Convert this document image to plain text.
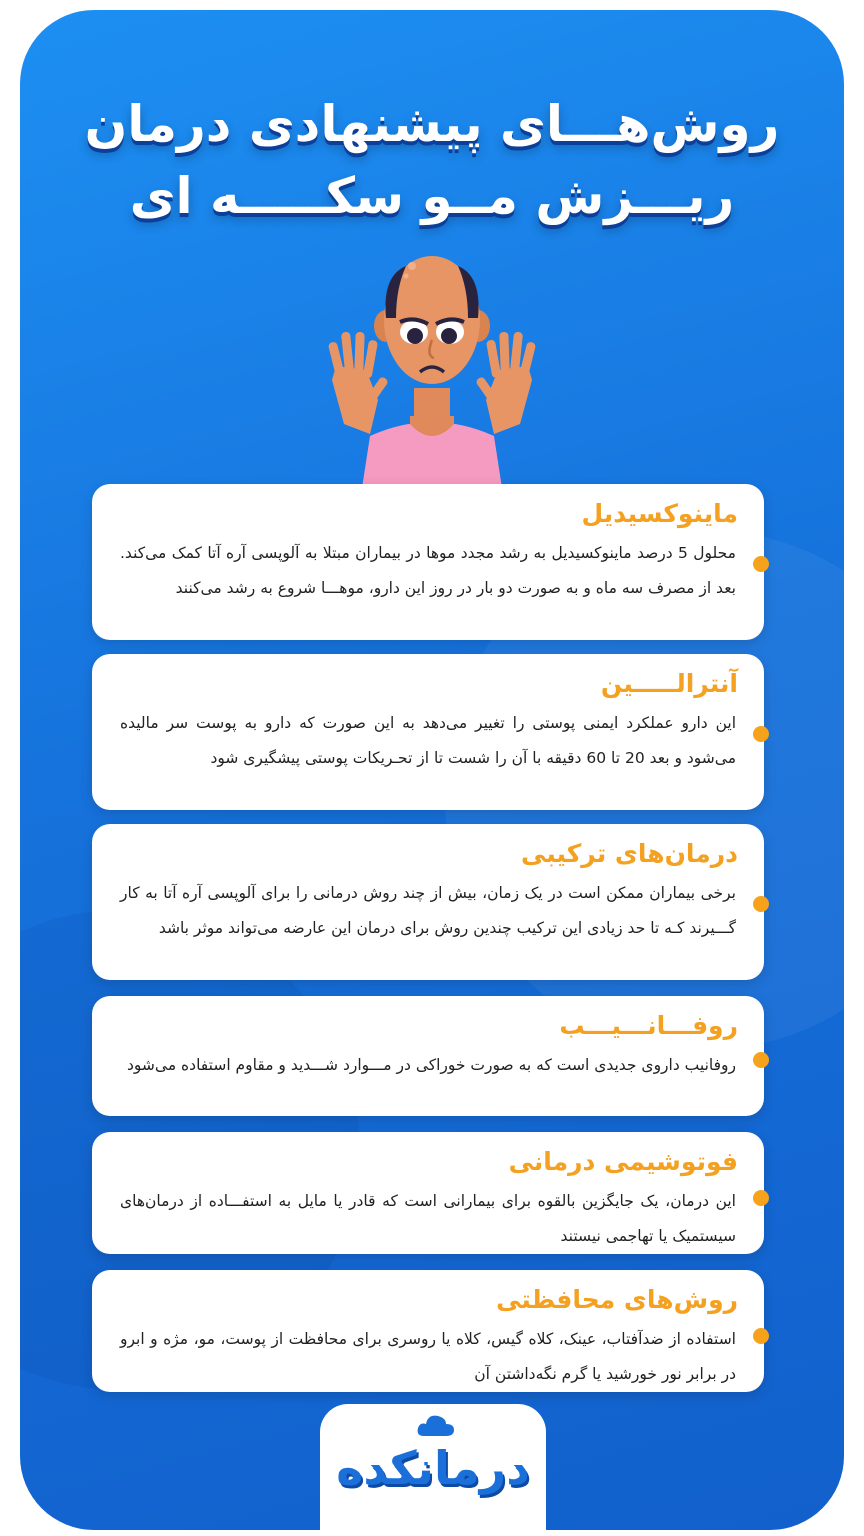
روش‌هـــای پیشنهادی درمان
ریـــزش مــو سکـــــه ای
ماینوکسیدیل
محلول 5 درصد ماینوکسیدیل به رشد مجدد موها در بیماران مبتلا به آلوپسی آره آتا کمک می‌کند. بعد از مصرف سه ماه و به صورت دو بار در روز این دارو، موهـــا شروع به رشد می‌کنند
آنترالـــــین
این دارو عملکرد ایمنی پوستی را تغییر می‌دهد به این صورت که دارو به پوست سر مالیده می‌شود و بعد 20 تا 60 دقیقه با آن را شست تا از تحـریکات پوستی پیشگیری شود
درمان‌های ترکیبی
برخی بیماران ممکن است در یک زمان، بیش از چند روش درمانی را برای آلوپسی آره آتا به کار گـــیرند کـه تا حد زیادی این ترکیب چندین روش برای درمان این عارضه می‌تواند موثر باشد
روفـــانـــیـــب
روفانیب داروی جدیدی است که به صورت خوراکی در مـــوارد شـــدید و مقاوم استفاده می‌شود
فوتوشیمی درمانی
این درمان، یک جایگزین بالقوه برای بیمارانی است که قادر یا مایل به استفـــاده از درمان‌های سیستمیک یا تهاجمی نیستند
روش‌های محافظتی
استفاده از ضدآفتاب، عینک، کلاه گیس، کلاه یا روسری برای محافظت از پوست، مو، مژه و ابرو در برابر نور خورشید یا گرم نگه‌داشتن آن
درمانکده
